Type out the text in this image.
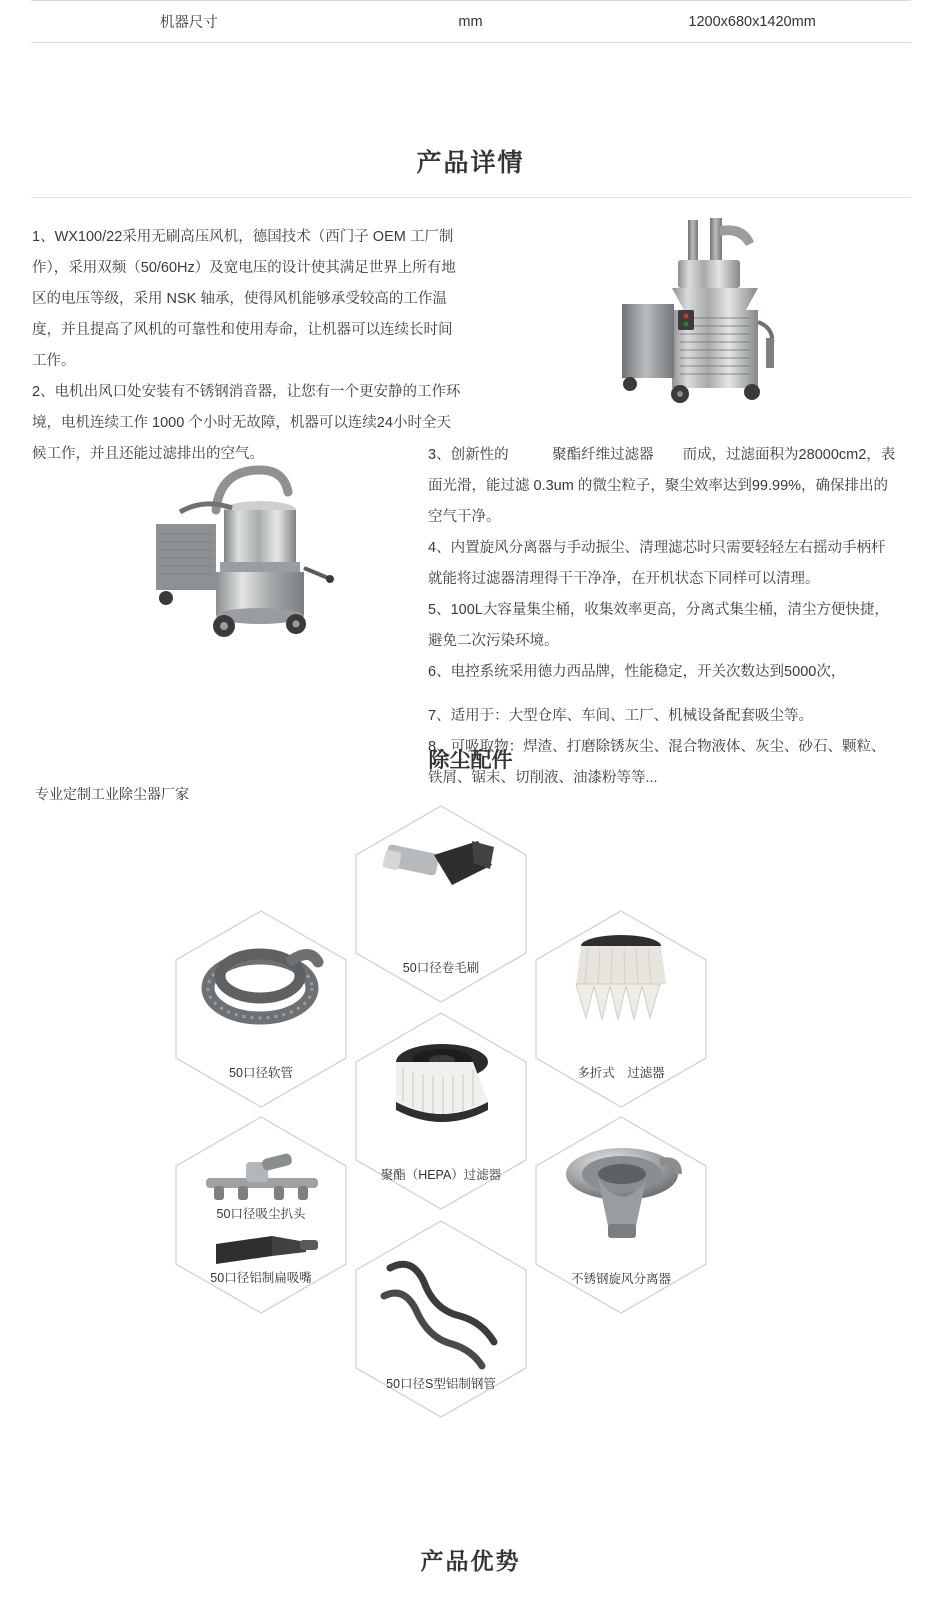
机器尺寸	mm	1200x680x1420mm
产品详情
1、WX100/22采用无刷高压风机，德国技术（西门子 OEM 工厂制作），采用双频（50/60Hz）及宽电压的设计使其满足世界上所有地区的电压等级，采用 NSK 轴承，使得风机能够承受较高的工作温度，并且提高了风机的可靠性和使用寿命，让机器可以连续长时间工作。
2、电机出风口处安装有不锈钢消音器，让您有一个更安静的工作环境，电机连续工作 1000 个小时无故障，机器可以连续24小时全天候工作，并且还能过滤排出的空气。	3、创新性的　　　聚酯纤维过滤器　　而成，过滤面积为28000cm2，表面光滑，能过滤 0.3um 的微尘粒子，聚尘效率达到99.99%，确保排出的空气干净。

4、内置旋风分离器与手动振尘、清理滤芯时只需要轻轻左右摇动手柄杆就能将过滤器清理得干干净净，在开机状态下同样可以清理。

5、100L大容量集尘桶，收集效率更高，分离式集尘桶，清尘方便快捷，避免二次污染环境。

6、电控系统采用德力西品牌，性能稳定，开关次数达到5000次，

7、适用于：大型仓库、车间、工厂、机械设备配套吸尘等。

8、可吸取物：焊渣、打磨除锈灰尘、混合物液体、灰尘、砂石、颗粒、铁屑、锯末、切削液、油漆粉等等...

除尘配件
专业定制工业除尘器厂家
50口径卷毛刷
50口径软管	多折式　过滤器
聚酯（HEPA）过滤器
50口径吸尘扒头
50口径铝制扁吸嘴	不锈钢旋风分离器
50口径S型铝制钢管
产品优势
